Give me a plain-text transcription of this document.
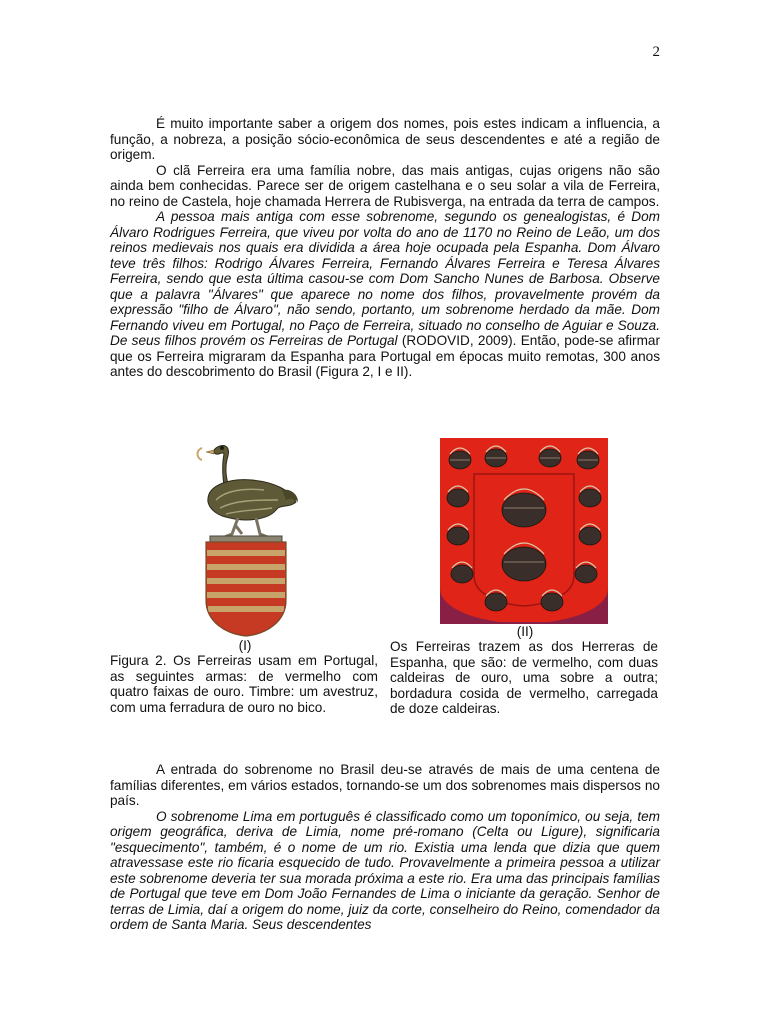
2

É muito importante saber a origem dos nomes, pois estes indicam a influencia, a função, a nobreza, a posição sócio-econômica de seus descendentes e até a região de origem.

O clã Ferreira era uma família nobre, das mais antigas, cujas origens não são ainda bem conhecidas. Parece ser de origem castelhana e o seu solar a vila de Ferreira, no reino de Castela, hoje chamada Herrera de Rubisverga, na entrada da terra de campos.

A pessoa mais antiga com esse sobrenome, segundo os genealogistas, é Dom Álvaro Rodrigues Ferreira, que viveu por volta do ano de 1170 no Reino de Leão, um dos reinos medievais nos quais era dividida a área hoje ocupada pela Espanha. Dom Álvaro teve três filhos: Rodrigo Álvares Ferreira, Fernando Álvares Ferreira e Teresa Álvares Ferreira, sendo que esta última casou-se com Dom Sancho Nunes de Barbosa. Observe que a palavra "Álvares" que aparece no nome dos filhos, provavelmente provém da expressão "filho de Álvaro", não sendo, portanto, um sobrenome herdado da mãe. Dom Fernando viveu em Portugal, no Paço de Ferreira, situado no conselho de Aguiar e Souza. De seus filhos provém os Ferreiras de Portugal (RODOVID, 2009). Então, pode-se afirmar que os Ferreira migraram da Espanha para Portugal em épocas muito remotas, 300 anos antes do descobrimento do Brasil (Figura 2, I e II).

(I)
Figura 2. Os Ferreiras usam em Portugal, as seguintes armas: de vermelho com quatro faixas de ouro. Timbre: um avestruz, com uma ferradura de ouro no bico.
(II)
Os Ferreiras trazem as dos Herreras de Espanha, que são: de vermelho, com duas caldeiras de ouro, uma sobre a outra; bordadura cosida de vermelho, carregada de doze caldeiras.

A entrada do sobrenome no Brasil deu-se através de mais de uma centena de famílias diferentes, em vários estados, tornando-se um dos sobrenomes mais dispersos no país.

O sobrenome Lima em português é classificado como um toponímico, ou seja, tem origem geográfica, deriva de Limia, nome pré-romano (Celta ou Ligure), significaria "esquecimento", também, é o nome de um rio. Existia uma lenda que dizia que quem atravessase este rio ficaria esquecido de tudo. Provavelmente a primeira pessoa a utilizar este sobrenome deveria ter sua morada próxima a este rio. Era uma das principais famílias de Portugal que teve em Dom João Fernandes de Lima o iniciante da geração. Senhor de terras de Limia, daí a origem do nome, juiz da corte, conselheiro do Reino, comendador da ordem de Santa Maria. Seus descendentes
